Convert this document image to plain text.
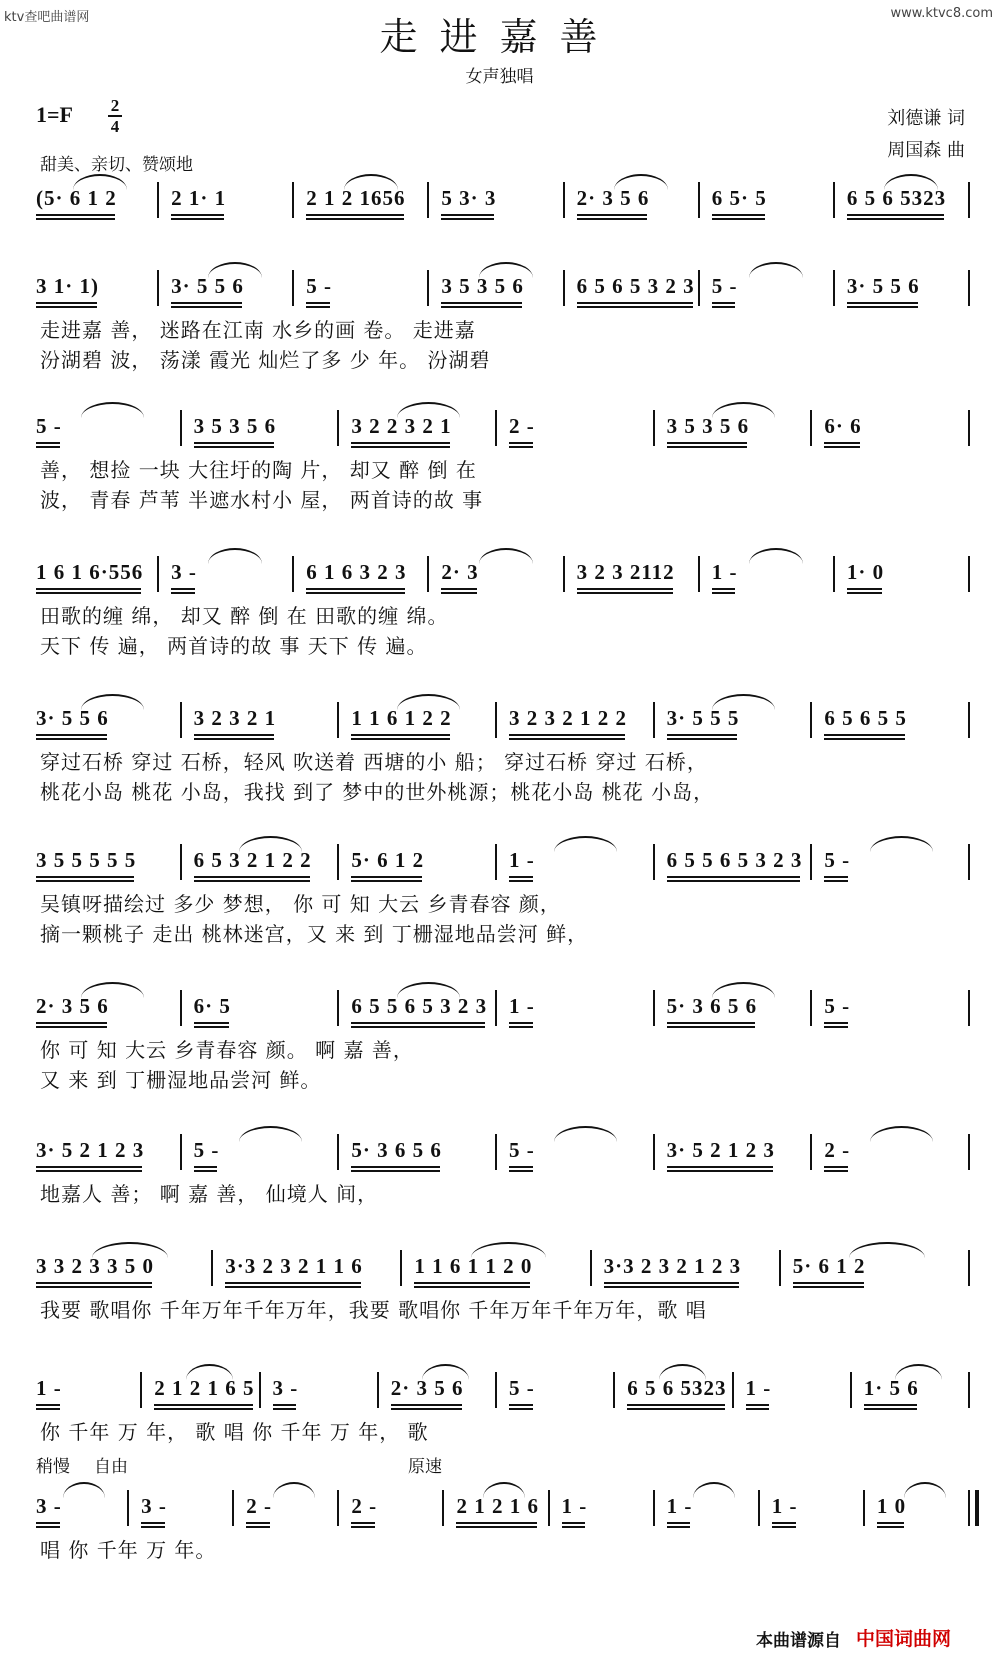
ktv查吧曲谱网	www.ktvc8.com
走进嘉善
女声独唱
1=F 2
4	刘德谦 词
周国森 曲
甜美、亲切、赞颂地
(5· 6 1 2	2 1· 1	2 1 2 1656 5 3· 3	2· 3 5 6	6 5· 5	6 5 6 5323
3 1· 1)	3· 5 5 6	5 -	3 5 3 5 6	6 5 6 5 3 2 3 5 -	3· 5 5 6
走进嘉 善， 迷路在江南 水乡的画 卷。 走进嘉
汾湖碧 波， 荡漾 霞光 灿烂了多 少 年。 汾湖碧
5 -	3 5 3 5 6	3 2 2 3 2 1	2 -	3 5 3 5 6	6· 6
善， 想捡 一块 大往圩的陶 片， 却又 醉 倒 在
波， 青春 芦苇 半遮水村小 屋， 两首诗的故 事
1 6 1 6·556 3 -	6 1 6 3 2 3 2· 3	3 2 3 2112 1 -	1· 0
田歌的缠 绵， 却又 醉 倒 在 田歌的缠 绵。
天下 传 遍， 两首诗的故 事 天下 传 遍。
3· 5 5 6	3 2 3 2 1	1 1 6 1 2 2	3 2 3 2 1 2 2 3· 5 5 5	6 5 6 5 5
穿过石桥 穿过 石桥，轻风 吹送着 西塘的小 船； 穿过石桥 穿过 石桥，
桃花小岛 桃花 小岛，我找 到了 梦中的世外桃源；桃花小岛 桃花 小岛，
3 5 5 5 5 5	6 5 3 2 1 2 2 5· 6 1 2	1 -	6 5 5 6 5 3 2 3 5 -
吴镇呀描绘过 多少 梦想， 你 可 知 大云 乡青春容 颜，
摘一颗桃子 走出 桃林迷宫，又 来 到 丁栅湿地品尝河 鲜，
2· 3 5 6	6· 5	6 5 5 6 5 3 2 3 1 -	5· 3 6 5 6	5 -
你 可 知 大云 乡青春容 颜。 啊 嘉 善，
又 来 到 丁栅湿地品尝河 鲜。
3· 5 2 1 2 3 5 -	5· 3 6 5 6	5 -	3· 5 2 1 2 3 2 -
地嘉人 善； 啊 嘉 善， 仙境人 间，
3 3 2 3 3 5 0	3·3 2 3 2 1 1 6 1 1 6 1 1 2 0	3·3 2 3 2 1 2 3 5· 6 1 2
我要 歌唱你 千年万年千年万年，我要 歌唱你 千年万年千年万年，歌 唱
1 -	2 1 2 1 6 5 3 -	2· 3 5 6 5 -	6 5 6 5323 1 -	1· 5 6
你 千年 万 年， 歌 唱 你 千年 万 年， 歌
3 -	3 -	2 -	2 -	2 1 2 1 6 1 -	1 -	1 -	1 0
唱 你 千年 万 年。
稍慢 自由	原速
本曲谱源自 中国词曲网
